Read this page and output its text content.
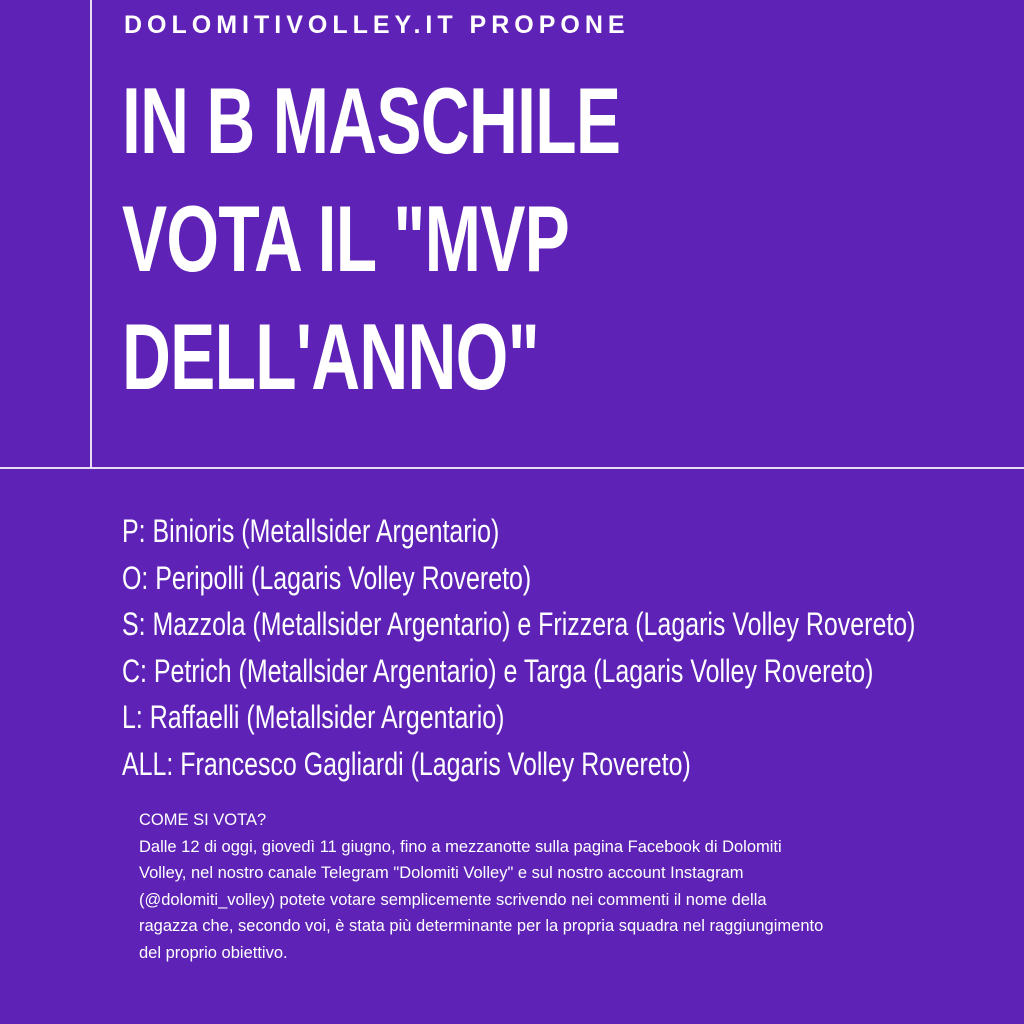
DOLOMITIVOLLEY.IT PROPONE
IN B MASCHILE
VOTA IL "MVP
DELL'ANNO"
P: Binioris (Metallsider Argentario)
O: Peripolli (Lagaris Volley Rovereto)
S: Mazzola (Metallsider Argentario) e Frizzera (Lagaris Volley Rovereto)
C: Petrich (Metallsider Argentario) e Targa (Lagaris Volley Rovereto)
L: Raffaelli (Metallsider Argentario)
ALL: Francesco Gagliardi (Lagaris Volley Rovereto)
COME SI VOTA?
Dalle 12 di oggi, giovedì 11 giugno, fino a mezzanotte sulla pagina Facebook di Dolomiti Volley, nel nostro canale Telegram "Dolomiti Volley" e sul nostro account Instagram (@dolomiti_volley) potete votare semplicemente scrivendo nei commenti il nome della ragazza che, secondo voi, è stata più determinante per la propria squadra nel raggiungimento del proprio obiettivo.
